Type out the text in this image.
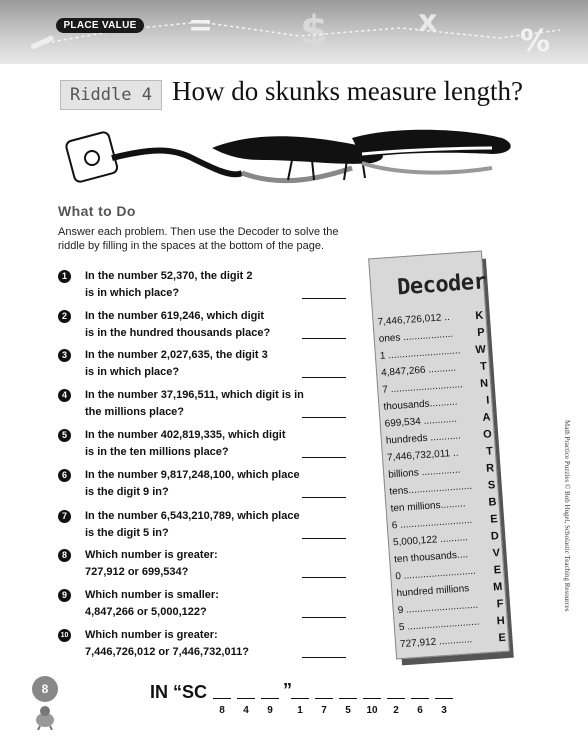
= $	x
%
PLACE VALUE
Riddle 4 How do skunks measure length?
What to Do
Answer each problem. Then use the Decoder to solve the riddle by filling in the spaces at the bottom of the page.
1	In the number 52,370, the digit 2
is in which place?
2	In the number 619,246, which digit
is in the hundred thousands place?
3	In the number 2,027,635, the digit 3
is in which place?
4	In the number 37,196,511, which digit is in
the millions place?
5	In the number 402,819,335, which digit
is in the ten millions place?
6	In the number 9,817,248,100, which place
is the digit 9 in?
7	In the number 6,543,210,789, which place
is the digit 5 in?
8	Which number is greater:
727,912 or 699,534?
9	Which number is smaller:
4,847,266 or 5,000,122?
10 Which number is greater:
7,446,726,012 or 7,446,732,011?
Decoder
7,446,726,012 .. K
ones .................. P
1 .......................... W
4,847,266 .......... T
7 .......................... N
thousands..........	I
699,534 ............ A
hundreds ........... O
7,446,732,011 .. T
billions .............. R
tens....................... S
ten millions......... B
6 .......................... E
5,000,122 .......... D
ten thousands.... V
0 .......................... E
hundred millions M
9 .......................... F
5 .......................... H
727,912 ............ E
Math Practice Puzzles © Bob Hugel, Scholastic Teaching Resources
8	IN “SC	”
8	4	9	1	7	5	10	2	6	3
